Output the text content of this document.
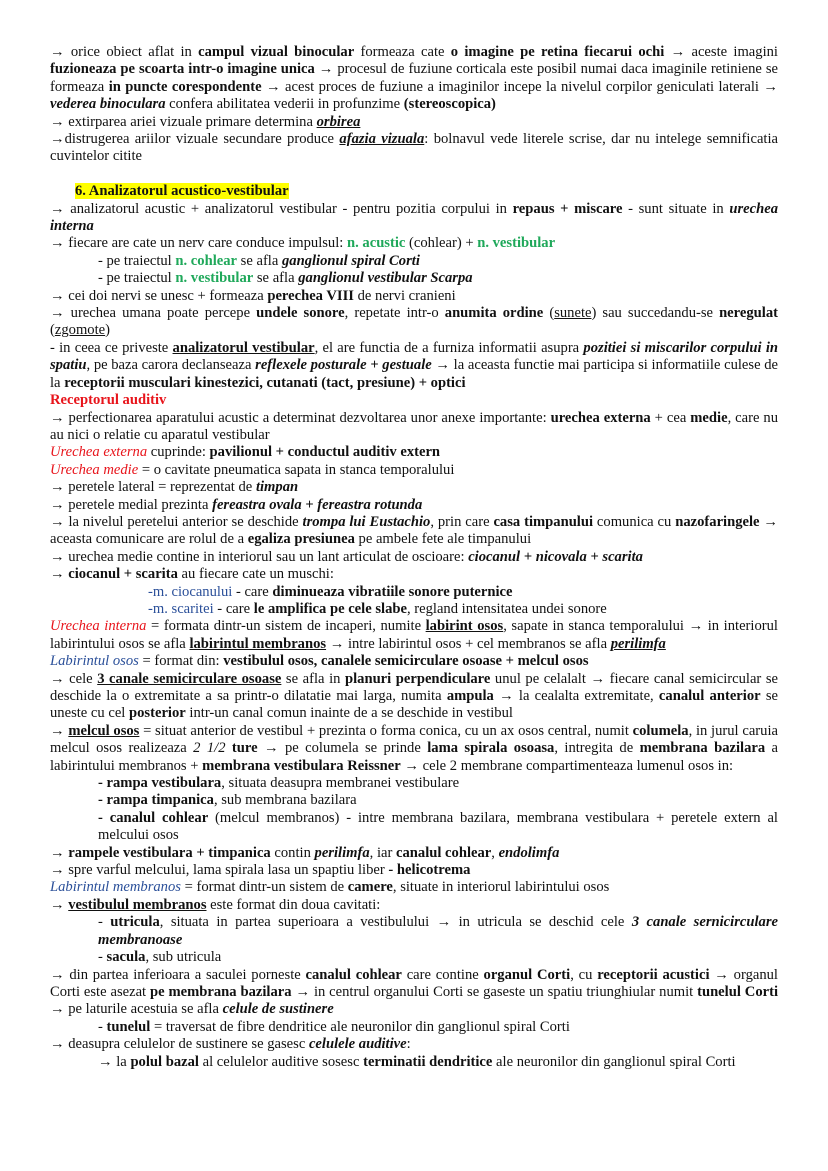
→ orice obiect aflat in campul vizual binocular formeaza cate o imagine pe retina fiecarui ochi → aceste imagini fuzioneaza pe scoarta intr-o imagine unica → procesul de fuziune corticala este posibil numai daca imaginile retiniene se formeaza in puncte corespondente → acest proces de fuziune a imaginilor incepe la nivelul corpilor geniculati laterali → vederea binoculara confera abilitatea vederii in profunzime (stereoscopica)

→ extirparea ariei vizuale primare determina orbirea

→distrugerea ariilor vizuale secundare produce afazia vizuala: bolnavul vede literele scrise, dar nu intelege semnificatia cuvintelor citite

6. Analizatorul acustico-vestibular

→ analizatorul acustic + analizatorul vestibular - pentru pozitia corpului in repaus + miscare - sunt situate in urechea interna

→ fiecare are cate un nerv care conduce impulsul: n. acustic (cohlear) + n. vestibular

- pe traiectul n. cohlear se afla ganglionul spiral Corti

- pe traiectul n. vestibular se afla ganglionul vestibular Scarpa

→ cei doi nervi se unesc + formeaza perechea VIII de nervi cranieni

→ urechea umana poate percepe undele sonore, repetate intr-o anumita ordine (sunete) sau succedandu-se neregulat (zgomote)

- in ceea ce priveste analizatorul vestibular, el are functia de a furniza informatii asupra pozitiei si miscarilor corpului in spatiu, pe baza carora declanseaza reflexele posturale + gestuale → la aceasta functie mai participa si informatiile culese de la receptorii musculari kinestezici, cutanati (tact, presiune) + optici

Receptorul auditiv

→ perfectionarea aparatului acustic a determinat dezvoltarea unor anexe importante: urechea externa + cea medie, care nu au nici o relatie cu aparatul vestibular

Urechea externa cuprinde: pavilionul + conductul auditiv extern

Urechea medie = o cavitate pneumatica sapata in stanca temporalului

→ peretele lateral = reprezentat de timpan

→ peretele medial prezinta fereastra ovala + fereastra rotunda

→ la nivelul peretelui anterior se deschide trompa lui Eustachio, prin care casa timpanului comunica cu nazofaringele → aceasta comunicare are rolul de a egaliza presiunea pe ambele fete ale timpanului

→ urechea medie contine in interiorul sau un lant articulat de oscioare: ciocanul + nicovala + scarita

→ ciocanul + scarita au fiecare cate un muschi:

-m. ciocanului - care diminueaza vibratiile sonore puternice

-m. scaritei - care le amplifica pe cele slabe, regland intensitatea undei sonore

Urechea interna = formata dintr-un sistem de incaperi, numite labirint osos, sapate in stanca temporalului → in interiorul labirintului osos se afla labirintul membranos → intre labirintul osos + cel membranos se afla perilimfa

Labirintul osos = format din: vestibulul osos, canalele semicirculare osoase + melcul osos

→ cele 3 canale semicirculare osoase se afla in planuri perpendiculare unul pe celalalt → fiecare canal semicircular se deschide la o extremitate a sa printr-o dilatatie mai larga, numita ampula → la cealalta extremitate, canalul anterior se uneste cu cel posterior intr-un canal comun inainte de a se deschide in vestibul

→ melcul osos = situat anterior de vestibul + prezinta o forma conica, cu un ax osos central, numit columela, in jurul caruia melcul osos realizeaza 2 1/2 ture → pe columela se prinde lama spirala osoasa, intregita de membrana bazilara a labirintului membranos + membrana vestibulara Reissner → cele 2 membrane compartimenteaza lumenul osos in:

- rampa vestibulara, situata deasupra membranei vestibulare

- rampa timpanica, sub membrana bazilara

- canalul cohlear (melcul membranos) - intre membrana bazilara, membrana vestibulara + peretele extern al melcului osos

→ rampele vestibulara + timpanica contin perilimfa, iar canalul cohlear, endolimfa

→ spre varful melcului, lama spirala lasa un spaptiu liber - helicotrema

Labirintul membranos = format dintr-un sistem de camere, situate in interiorul labirintului osos

→ vestibulul membranos este format din doua cavitati:

- utricula, situata in partea superioara a vestibulului → in utricula se deschid cele 3 canale sernicirculare membranoase

- sacula, sub utricula

→ din partea inferioara a saculei porneste canalul cohlear care contine organul Corti, cu receptorii acustici → organul Corti este asezat pe membrana bazilara → in centrul organului Corti se gaseste un spatiu triunghiular numit tunelul Corti → pe laturile acestuia se afla celule de sustinere

- tunelul = traversat de fibre dendritice ale neuronilor din ganglionul spiral Corti

→ deasupra celulelor de sustinere se gasesc celulele auditive:

→ la polul bazal al celulelor auditive sosesc terminatii dendritice ale neuronilor din ganglionul spiral Corti
